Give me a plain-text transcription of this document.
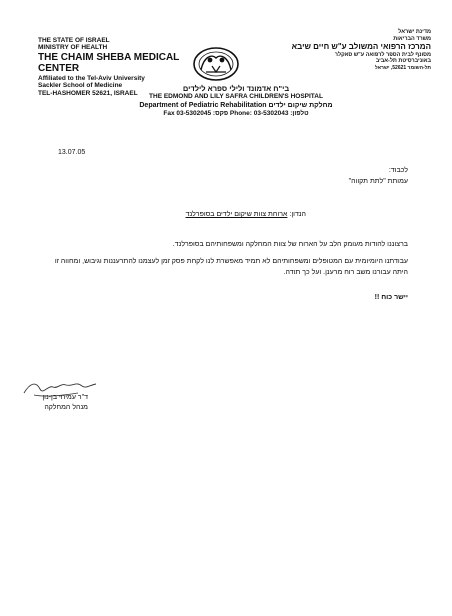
THE STATE OF ISRAEL
MINISTRY OF HEALTH
THE CHAIM SHEBA MEDICAL CENTER
Affiliated to the Tel-Aviv University
Sackler School of Medicine
TEL-HASHOMER 52621, ISRAEL
מדינת ישראל
משרד הבריאות
המרכז הרפואי המשולב ע"ש חיים שיבא
מסונף לבית הספר לרפואה ע"ש סאקלר
באוניברסיטת תל-אביב
תל-השומר 52621, ישראל
בי"ח אדמונד ולילי ספרא לילדים
THE EDMOND AND LILY SAFRA CHILDREN'S HOSPITAL
Department of Pediatric Rehabilitation מחלקת שיקום ילדים
Fax 03-5302045 :פקס Phone: 03-5302043 :טלפון
13.07.05
לכבוד:
עמותת "לתת תקווה"
הנדון: ארוחת צוות שיקום ילדים בסופרלנד
ברצוננו להודות מעומק הלב על הארוח של צוות המחלקה ומשפחותיהם בסופרלנד.
עבודתנו היומיומית עם המטופלים ומשפחותיהם לא תמיד מאפשרת לנו לקחת פסק זמן לעצמנו להתרעננות וגיבוש, ומחווה זו היתה עבורנו משב רוח מרענן. ועל כך תודה.
יישר כוח !!
ד"ר עמיחי בן-נון
מנהל המחלקה
